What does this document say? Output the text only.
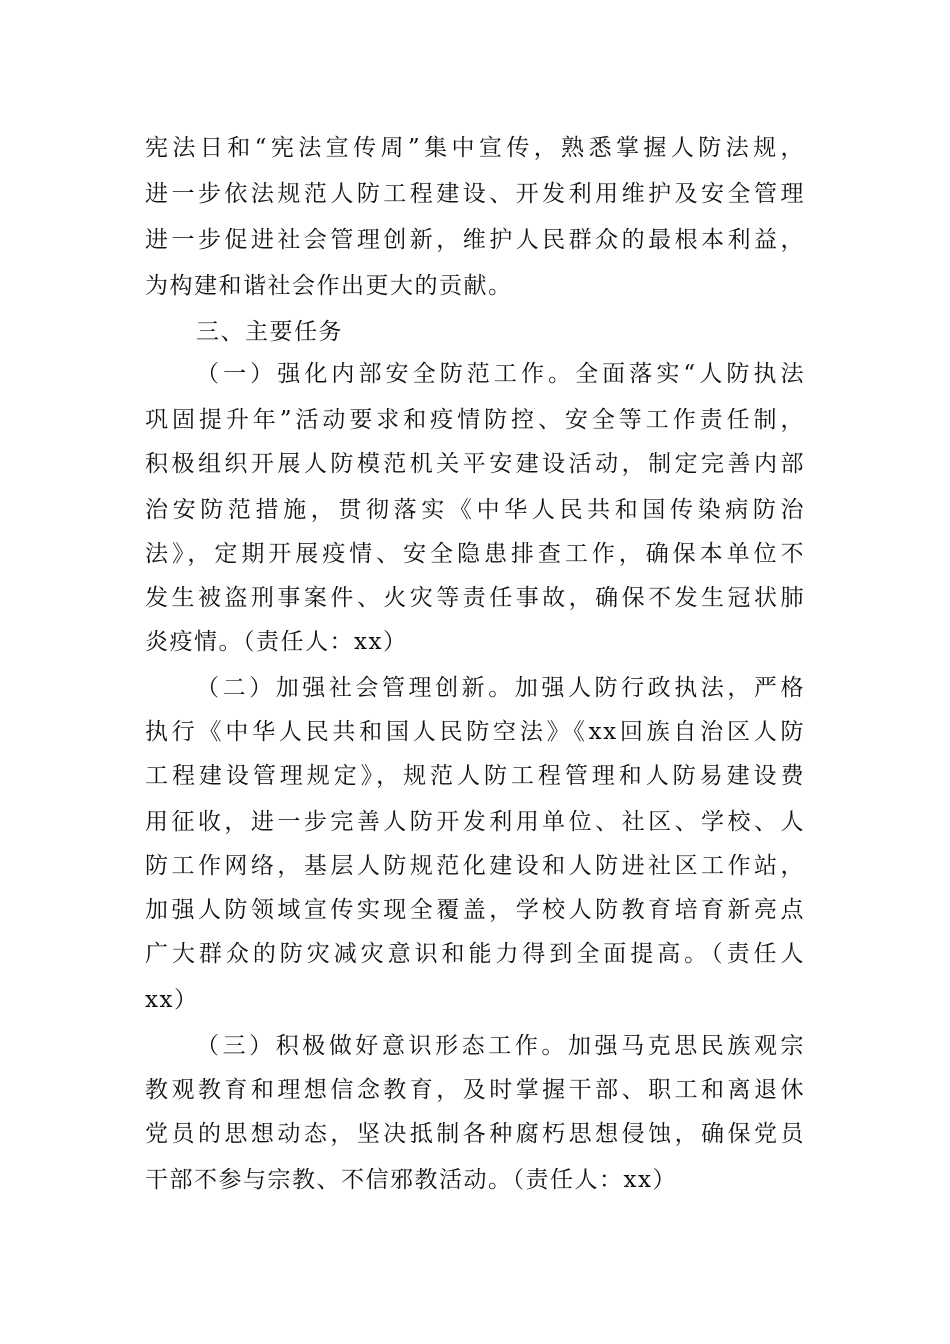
宪法日和“宪法宣传周”集中宣传，熟悉掌握人防法规，
进一步依法规范人防工程建设、开发利用维护及安全管理
进一步促进社会管理创新，维护人民群众的最根本利益，
为构建和谐社会作出更大的贡献。
三、主要任务
（一）强化内部安全防范工作。全面落实“人防执法
巩固提升年”活动要求和疫情防控、安全等工作责任制，
积极组织开展人防模范机关平安建设活动，制定完善内部
治安防范措施，贯彻落实《中华人民共和国传染病防治
法》，定期开展疫情、安全隐患排查工作，确保本单位不
发生被盗刑事案件、火灾等责任事故，确保不发生冠状肺
炎疫情。（责任人：xx）
（二）加强社会管理创新。加强人防行政执法，严格
执行《中华人民共和国人民防空法》《xx回族自治区人防
工程建设管理规定》，规范人防工程管理和人防易建设费
用征收，进一步完善人防开发利用单位、社区、学校、人
防工作网络，基层人防规范化建设和人防进社区工作站，
加强人防领域宣传实现全覆盖，学校人防教育培育新亮点
广大群众的防灾减灾意识和能力得到全面提高。（责任人
xx）
（三）积极做好意识形态工作。加强马克思民族观宗
教观教育和理想信念教育，及时掌握干部、职工和离退休
党员的思想动态，坚决抵制各种腐朽思想侵蚀，确保党员
干部不参与宗教、不信邪教活动。（责任人：xx）
